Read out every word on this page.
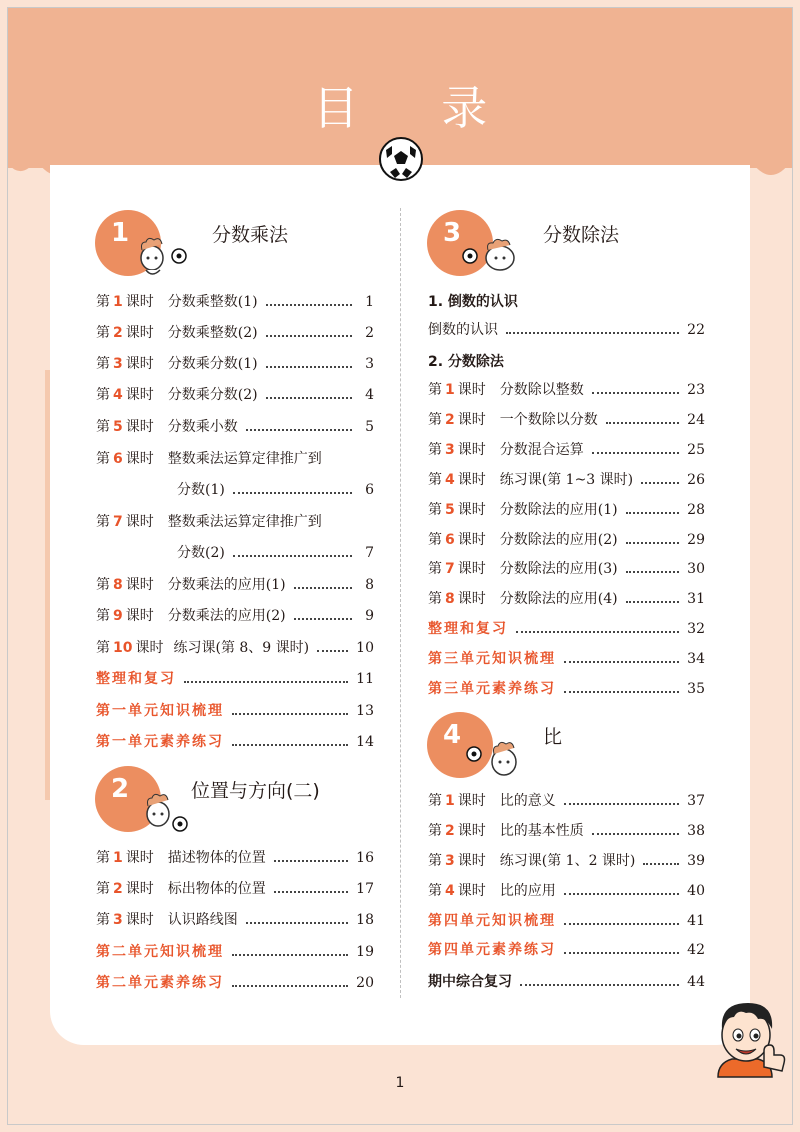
目 录
1	分数乘法
第 1 课时 分数乘整数(1)	1
第 2 课时 分数乘整数(2)	2
第 3 课时 分数乘分数(1)	3
第 4 课时 分数乘分数(2)	4
第 5 课时 分数乘小数	5
第 6 课时 整数乘法运算定律推广到
分数(1)	6
第 7 课时 整数乘法运算定律推广到
分数(2)	7
第 8 课时 分数乘法的应用(1)	8
第 9 课时 分数乘法的应用(2)	9
第 10 课时 练习课(第 8、9 课时)	10
整理和复习	11
第一单元知识梳理	13
第一单元素养练习	14
2	位置与方向(二)
第 1 课时 描述物体的位置	16
第 2 课时 标出物体的位置	17
第 3 课时 认识路线图	18
第二单元知识梳理	19
第二单元素养练习	20
3	分数除法
1. 倒数的认识
倒数的认识	22
2. 分数除法
第 1 课时 分数除以整数	23
第 2 课时 一个数除以分数	24
第 3 课时 分数混合运算	25
第 4 课时 练习课(第 1~3 课时)	26
第 5 课时 分数除法的应用(1)	28
第 6 课时 分数除法的应用(2)	29
第 7 课时 分数除法的应用(3)	30
第 8 课时 分数除法的应用(4)	31
整理和复习	32
第三单元知识梳理	34
第三单元素养练习	35
4	比
第 1 课时 比的意义	37
第 2 课时 比的基本性质	38
第 3 课时 练习课(第 1、2 课时)	39
第 4 课时 比的应用	40
第四单元知识梳理	41
第四单元素养练习	42
期中综合复习	44
1
